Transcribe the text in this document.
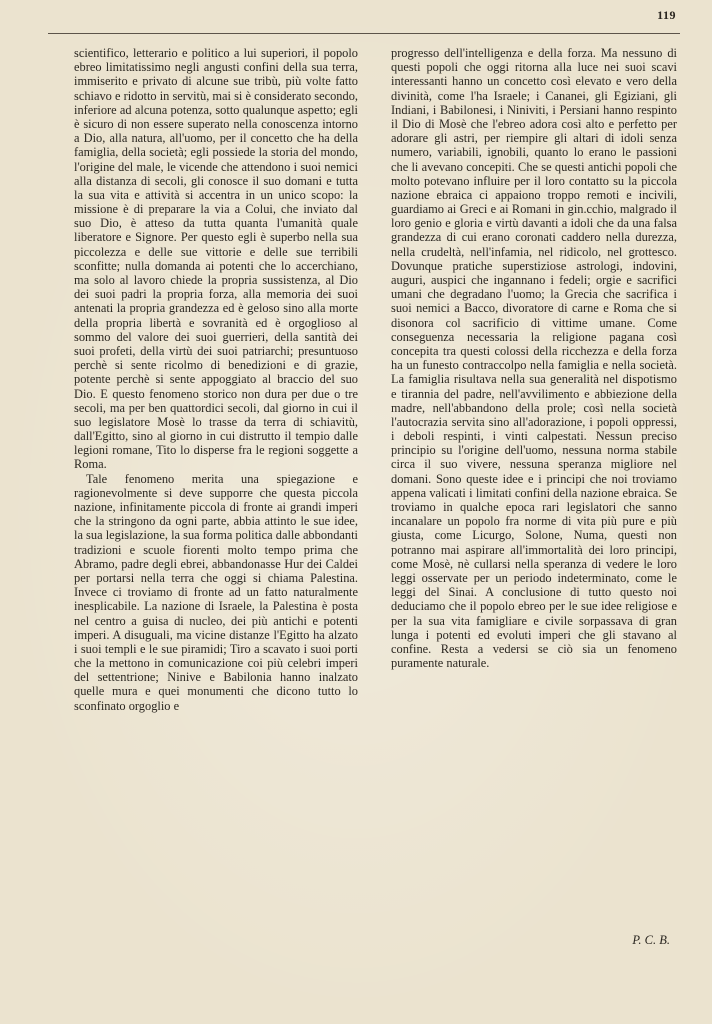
119

scientifico, letterario e politico a lui superiori, il popolo ebreo limitatissimo negli angusti confini della sua terra, immiserito e privato di alcune sue tribù, più volte fatto schiavo e ridotto in servitù, mai si è considerato secondo, inferiore ad alcuna potenza, sotto qualunque aspetto; egli è sicuro di non essere superato nella conoscenza intorno a Dio, alla natura, all'uomo, per il concetto che ha della famiglia, della società; egli possiede la storia del mondo, l'origine del male, le vicende che attendono i suoi nemici alla distanza di secoli, gli conosce il suo domani e tutta la sua vita e attività si accentra in un unico scopo: la missione è di preparare la via a Colui, che inviato dal suo Dio, è atteso da tutta quanta l'umanità quale liberatore e Signore. Per questo egli è superbo nella sua piccolezza e delle sue vittorie e delle sue terribili sconfitte; nulla domanda ai potenti che lo accerchiano, ma solo al lavoro chiede la propria sussistenza, al Dio dei suoi padri la propria forza, alla memoria dei suoi antenati la propria grandezza ed è geloso sino alla morte della propria libertà e sovranità ed è orgoglioso al sommo del valore dei suoi guerrieri, della santità dei suoi profeti, della virtù dei suoi patriarchi; presuntuoso perchè si sente ricolmo di benedizioni e di grazie, potente perchè si sente appoggiato al braccio del suo Dio. E questo fenomeno storico non dura per due o tre secoli, ma per ben quattordici secoli, dal giorno in cui il suo legislatore Mosè lo trasse da terra di schiavitù, dall'Egitto, sino al giorno in cui distrutto il tempio dalle legioni romane, Tito lo disperse fra le regioni soggette a Roma.

Tale fenomeno merita una spiegazione e ragionevolmente si deve supporre che questa piccola nazione, infinitamente piccola di fronte ai grandi imperi che la stringono da ogni parte, abbia attinto le sue idee, la sua legislazione, la sua forma politica dalle abbondanti tradizioni e scuole fiorenti molto tempo prima che Abramo, padre degli ebrei, abbandonasse Hur dei Caldei per portarsi nella terra che oggi si chiama Palestina. Invece ci troviamo di fronte ad un fatto naturalmente inesplicabile. La nazione di Israele, la Palestina è posta nel centro a guisa di nucleo, dei più antichi e potenti imperi. A disuguali, ma vicine distanze l'Egitto ha alzato i suoi templi e le sue piramidi; Tiro a scavato i suoi porti che la mettono in comunicazione coi più celebri imperi del settentrione; Ninive e Babilonia hanno inalzato quelle mura e quei monumenti che dicono tutto lo sconfinato orgoglio e

progresso dell'intelligenza e della forza. Ma nessuno di questi popoli che oggi ritorna alla luce nei suoi scavi interessanti hanno un concetto così elevato e vero della divinità, come l'ha Israele; i Cananei, gli Egiziani, gli Indiani, i Babilonesi, i Niniviti, i Persiani hanno respinto il Dio di Mosè che l'ebreo adora così alto e perfetto per adorare gli astri, per riempire gli altari di idoli senza numero, variabili, ignobili, quanto lo erano le passioni che li avevano concepiti. Che se questi antichi popoli che molto potevano influire per il loro contatto su la piccola nazione ebraica ci appaiono troppo remoti e incivili, guardiamo ai Greci e ai Romani in gin.cchio, malgrado il loro genio e gloria e virtù davanti a idoli che da una falsa grandezza di cui erano coronati caddero nella durezza, nella crudeltà, nell'infamia, nel ridicolo, nel grottesco. Dovunque pratiche superstiziose astrologi, indovini, auguri, auspici che ingannano i fedeli; orgie e sacrifici umani che degradano l'uomo; la Grecia che sacrifica i suoi nemici a Bacco, divoratore di carne e Roma che si disonora col sacrificio di vittime umane. Come conseguenza necessaria la religione pagana così concepita tra questi colossi della ricchezza e della forza ha un funesto contraccolpo nella famiglia e nella società. La famiglia risultava nella sua generalità nel dispotismo e tirannia del padre, nell'avvilimento e abbiezione della madre, nell'abbandono della prole; così nella società l'autocrazia servita sino all'adorazione, i popoli oppressi, i deboli respinti, i vinti calpestati. Nessun preciso principio su l'origine dell'uomo, nessuna norma stabile circa il suo vivere, nessuna speranza migliore nel domani. Sono queste idee e i principi che noi troviamo appena valicati i limitati confini della nazione ebraica. Se troviamo in qualche epoca rari legislatori che sanno incanalare un popolo fra norme di vita più pure e più giusta, come Licurgo, Solone, Numa, questi non potranno mai aspirare all'immortalità dei loro principi, come Mosè, nè cullarsi nella speranza di vedere le loro leggi osservate per un periodo indeterminato, come le leggi del Sinai. A conclusione di tutto questo noi deduciamo che il popolo ebreo per le sue idee religiose e per la sua vita famigliare e civile sorpassava di gran lunga i potenti ed evoluti imperi che gli stavano al confine. Resta a vedersi se ciò sia un fenomeno puramente naturale.

P. C. B.
